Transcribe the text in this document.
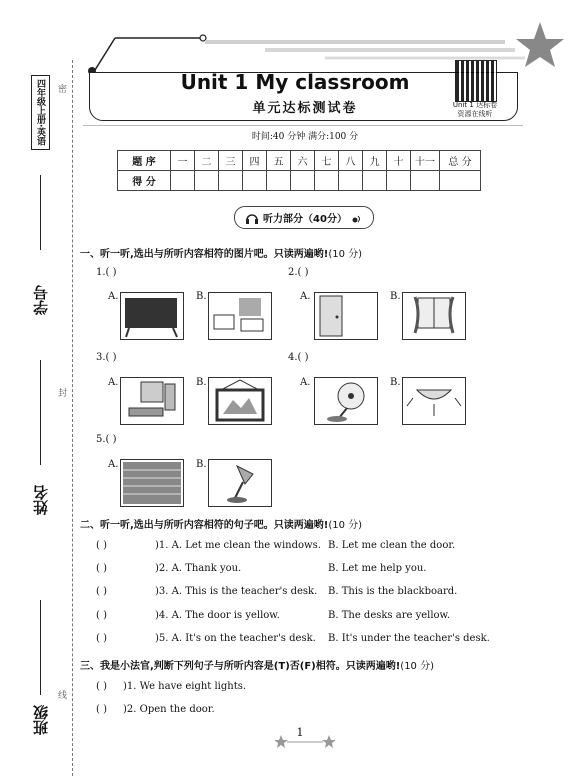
四年级上册·英语	密
封
线
学号
姓名
班级
Unit 1 My classroom
单元达标测试卷	Unit 1 达标卷
资源在线听
时间:40 分钟 满分:100 分
题 序	一	二	三	四	五	六	七	八	九	十	十一	总 分
得 分												
听力部分（40分）
一、听一听,选出与所听内容相符的图片吧。只读两遍哟!(10 分)
1.( )
A.	B.
2.( )
A.	B.
3.( )
A.	B.
4.( )
A.	B.
5.( )
A.	B.
二、听一听,选出与所听内容相符的句子吧。只读两遍哟!(10 分)
( )	)1. A. Let me clean the windows. B. Let me clean the door.
( )	)2. A. Thank you.	B. Let me help you.
( )	)3. A. This is the teacher's desk. B. This is the blackboard.
( )	)4. A. The door is yellow.	B. The desks are yellow.
( )	)5. A. It's on the teacher's desk. B. It's under the teacher's desk.
三、我是小法官,判断下列句子与所听内容是(T)否(F)相符。只读两遍哟!(10 分)
( ) )1. We have eight lights.
( ) )2. Open the door.
1
